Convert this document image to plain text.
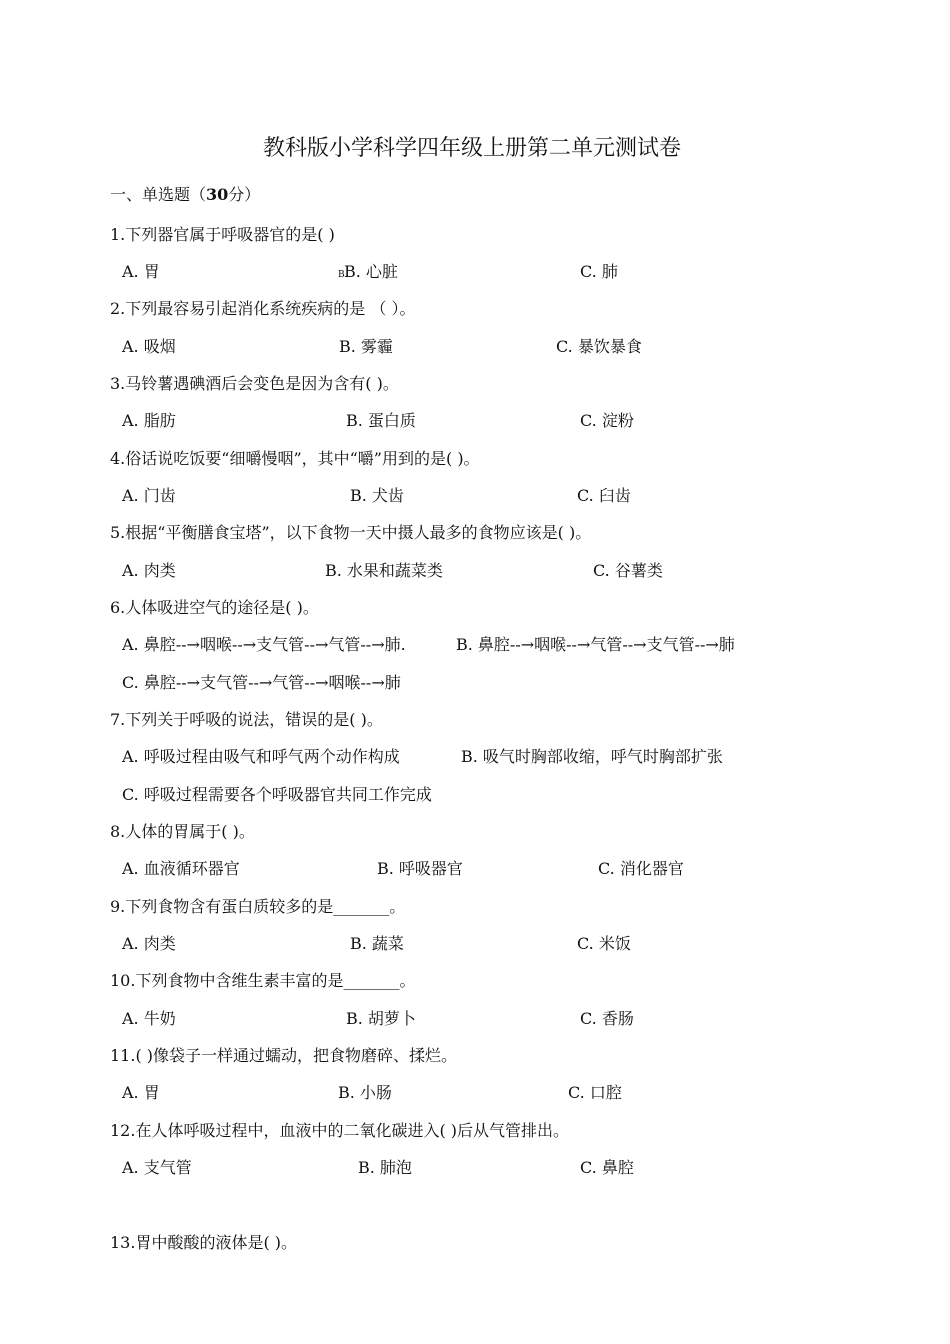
教科版小学科学四年级上册第二单元测试卷
一、单选题（30分）
1.下列器官属于呼吸器官的是( )
A. 胃	B B. 心脏	C. 肺
2.下列最容易引起消化系统疾病的是 （ ）。
A. 吸烟	B. 雾霾	C. 暴饮暴食
3.马铃薯遇碘酒后会变色是因为含有( )。
A. 脂肪	B. 蛋白质	C. 淀粉
4.俗话说吃饭要“细嚼慢咽”，其中“嚼”用到的是( )。
A. 门齿	B. 犬齿	C. 臼齿
5.根据“平衡膳食宝塔”，以下食物一天中摄人最多的食物应该是( )。
A. 肉类	B. 水果和蔬菜类	C. 谷薯类
6.人体吸进空气的途径是( )。
A. 鼻腔--→咽喉--→支气管--→气管--→肺.	B. 鼻腔--→咽喉--→气管--→支气管--→肺
C. 鼻腔--→支气管--→气管--→咽喉--→肺
7.下列关于呼吸的说法，错误的是( )。
A. 呼吸过程由吸气和呼气两个动作构成	B. 吸气时胸部收缩，呼气时胸部扩张
C. 呼吸过程需要各个呼吸器官共同工作完成
8.人体的胃属于( )。
A. 血液循环器官	B. 呼吸器官	C. 消化器官
9.下列食物含有蛋白质较多的是_______。
A. 肉类	B. 蔬菜	C. 米饭
10.下列食物中含维生素丰富的是_______。
A. 牛奶	B. 胡萝卜	C. 香肠
11.( )像袋子一样通过蠕动，把食物磨碎、揉烂。
A. 胃	B. 小肠	C. 口腔
12.在人体呼吸过程中，血液中的二氧化碳进入( )后从气管排出。
A. 支气管	B. 肺泡	C. 鼻腔
13.胃中酸酸的液体是( )。
